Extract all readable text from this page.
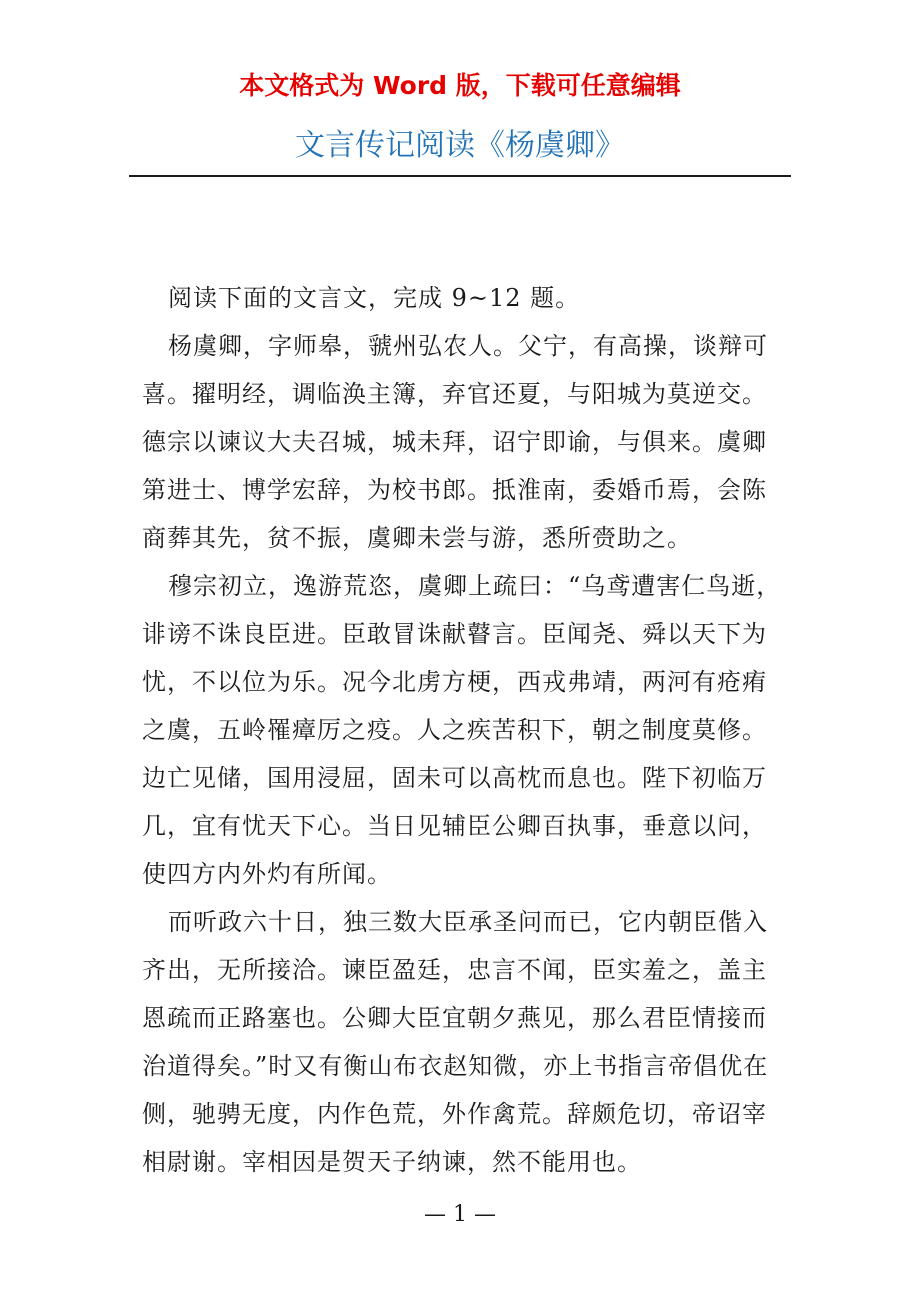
本文格式为 Word 版，下载可任意编辑
文言传记阅读《杨虞卿》
阅读下面的文言文，完成 9~12 题。
杨虞卿，字师皋，虢州弘农人。父宁，有高操，谈辩可
喜。擢明经，调临涣主簿，弃官还夏，与阳城为莫逆交。
德宗以谏议大夫召城，城未拜，诏宁即谕，与俱来。虞卿
第进士、博学宏辞，为校书郎。抵淮南，委婚币焉，会陈
商葬其先，贫不振，虞卿未尝与游，悉所赍助之。
穆宗初立，逸游荒恣，虞卿上疏曰：“乌鸢遭害仁鸟逝，
诽谤不诛良臣进。臣敢冒诛献瞽言。臣闻尧、舜以天下为
忧，不以位为乐。况今北虏方梗，西戎弗靖，两河有疮痏
之虞，五岭罹瘴厉之疫。人之疾苦积下，朝之制度莫修。
边亡见储，国用浸屈，固未可以高枕而息也。陛下初临万
几，宜有忧天下心。当日见辅臣公卿百执事，垂意以问，
使四方内外灼有所闻。
而听政六十日，独三数大臣承圣问而已，它内朝臣偕入
齐出，无所接洽。谏臣盈廷，忠言不闻，臣实羞之，盖主
恩疏而正路塞也。公卿大臣宜朝夕燕见，那么君臣情接而
治道得矣。”时又有衡山布衣赵知微，亦上书指言帝倡优在
侧，驰骋无度，内作色荒，外作禽荒。辞颇危切，帝诏宰
相尉谢。宰相因是贺天子纳谏，然不能用也。
— 1 —
